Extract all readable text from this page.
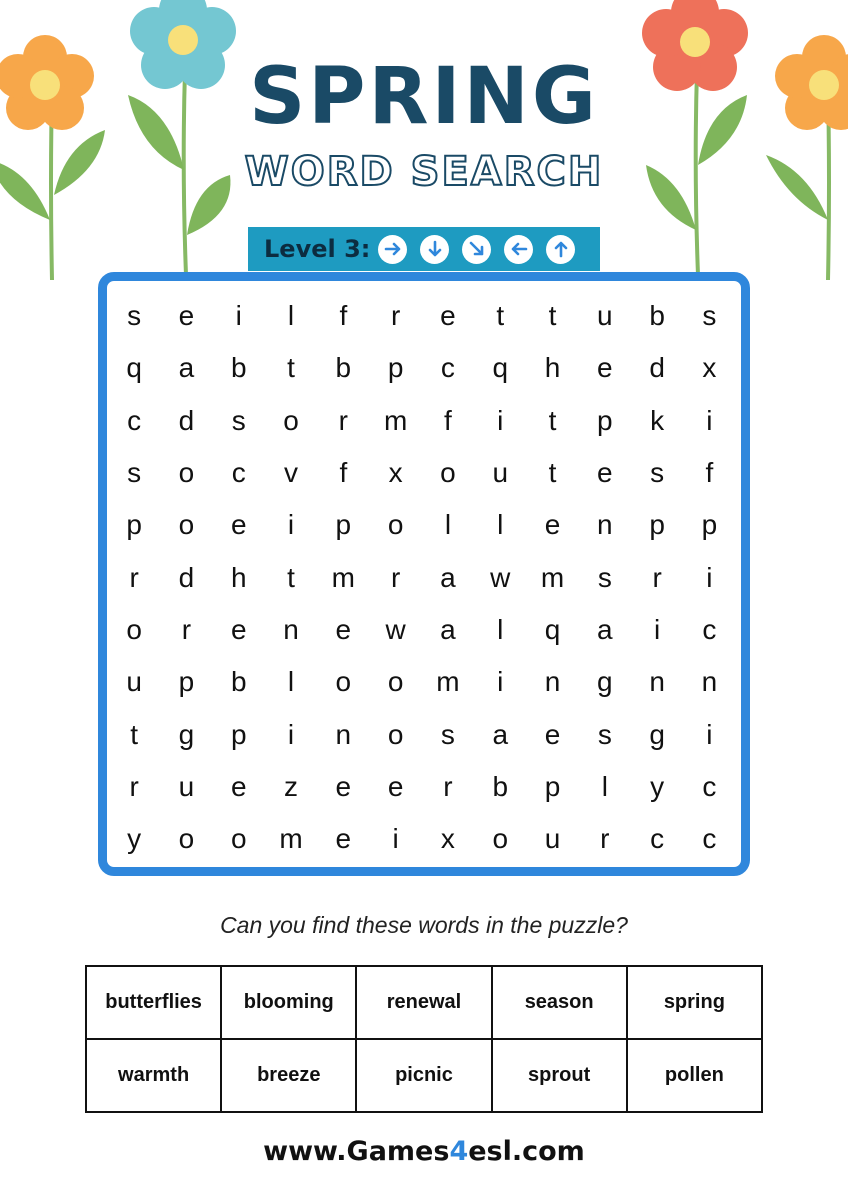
SPRING
WORD SEARCH
Level 3:
s	e	i	l	f	r	e	t	t	u	b	s
q	a	b	t	b	p	c	q	h	e	d	x
c	d	s	o	r	m	f	i	t	p	k	i
s	o	c	v	f	x	o	u	t	e	s	f
p	o	e	i	p	o	l	l	e	n	p	p
r	d	h	t	m	r	a	w	m	s	r	i
o	r	e	n	e	w	a	l	q	a	i	c
u	p	b	l	o	o	m	i	n	g	n	n
t	g	p	i	n	o	s	a	e	s	g	i
r	u	e	z	e	e	r	b	p	l	y	c
y	o	o	m	e	i	x	o	u	r	c	c
Can you find these words in the puzzle?
butterflies	blooming	renewal	season	spring
warmth	breeze	picnic	sprout	pollen
www.Games4esl.com
